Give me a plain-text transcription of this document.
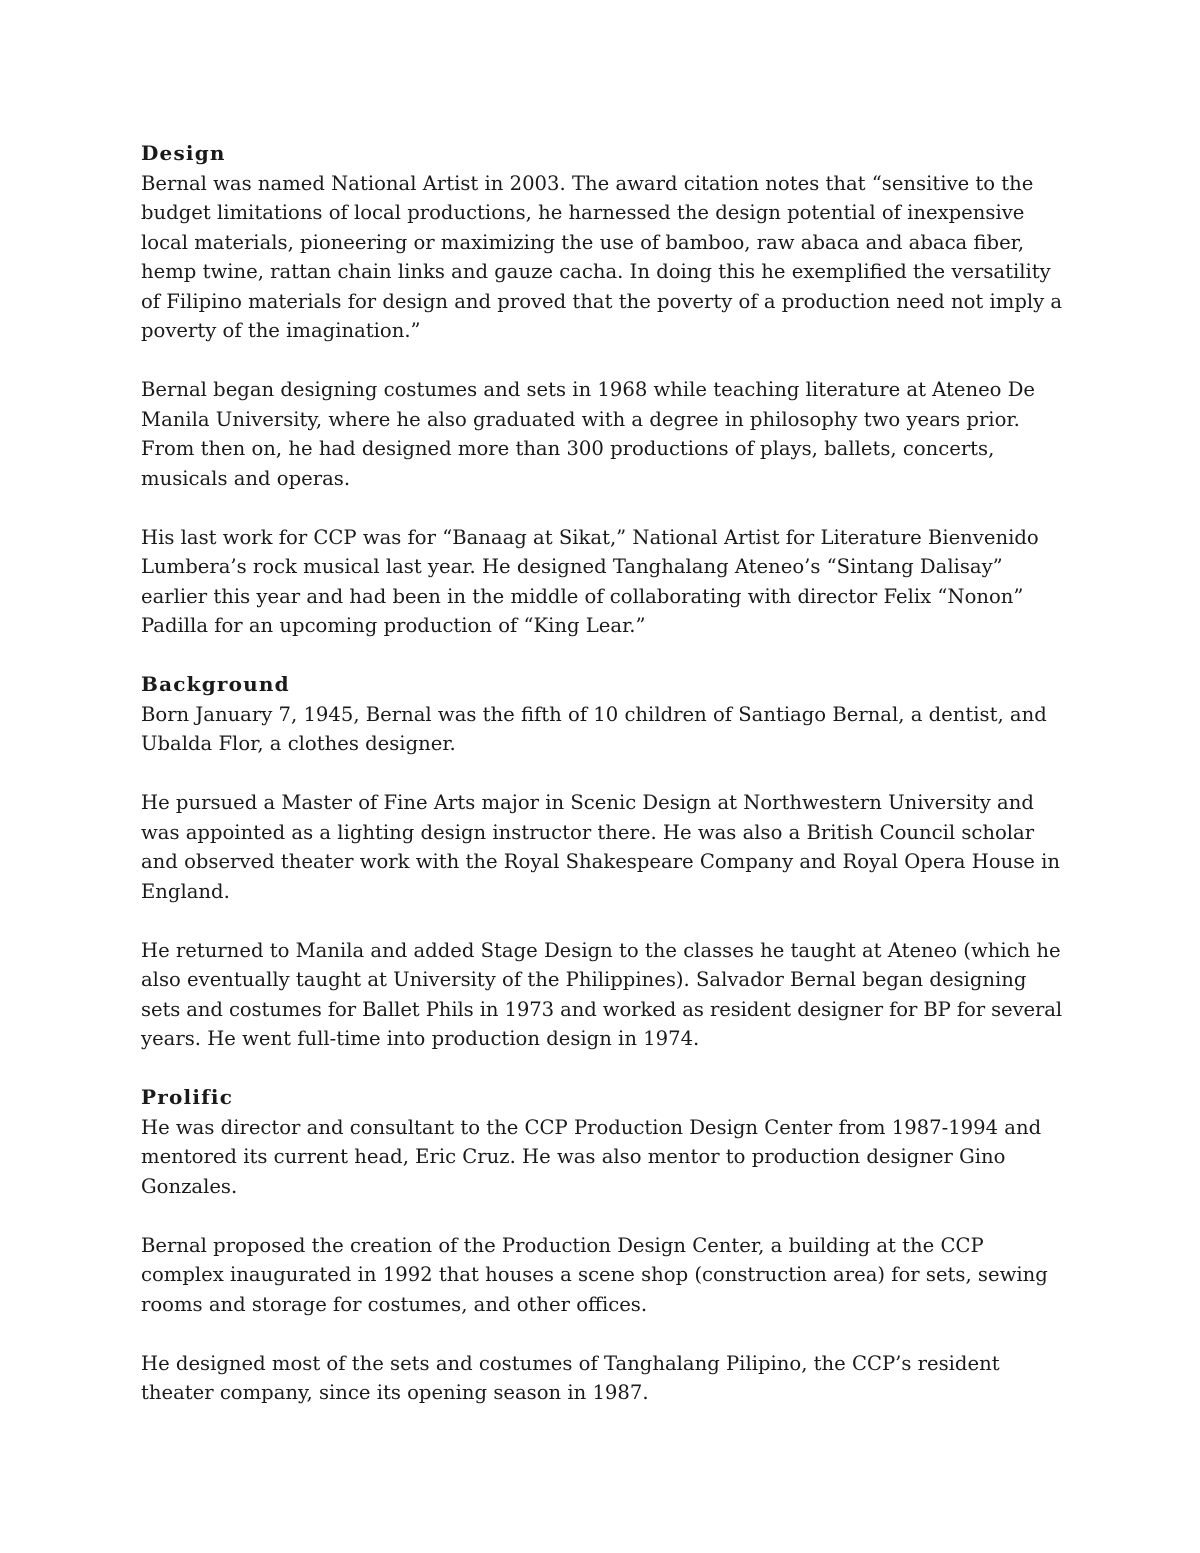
Design

Bernal was named National Artist in 2003. The award citation notes that “sensitive to the
budget limitations of local productions, he harnessed the design potential of inexpensive
local materials, pioneering or maximizing the use of bamboo, raw abaca and abaca fiber,
hemp twine, rattan chain links and gauze cacha. In doing this he exemplified the versatility
of Filipino materials for design and proved that the poverty of a production need not imply a
poverty of the imagination.”

Bernal began designing costumes and sets in 1968 while teaching literature at Ateneo De
Manila University, where he also graduated with a degree in philosophy two years prior.
From then on, he had designed more than 300 productions of plays, ballets, concerts,
musicals and operas.

His last work for CCP was for “Banaag at Sikat,” National Artist for Literature Bienvenido
Lumbera’s rock musical last year. He designed Tanghalang Ateneo’s “Sintang Dalisay”
earlier this year and had been in the middle of collaborating with director Felix “Nonon”
Padilla for an upcoming production of “King Lear.”

Background

Born January 7, 1945, Bernal was the fifth of 10 children of Santiago Bernal, a dentist, and
Ubalda Flor, a clothes designer.

He pursued a Master of Fine Arts major in Scenic Design at Northwestern University and
was appointed as a lighting design instructor there. He was also a British Council scholar
and observed theater work with the Royal Shakespeare Company and Royal Opera House in
England.

He returned to Manila and added Stage Design to the classes he taught at Ateneo (which he
also eventually taught at University of the Philippines). Salvador Bernal began designing
sets and costumes for Ballet Phils in 1973 and worked as resident designer for BP for several
years. He went full-time into production design in 1974.

Prolific

He was director and consultant to the CCP Production Design Center from 1987-1994 and
mentored its current head, Eric Cruz. He was also mentor to production designer Gino
Gonzales.

Bernal proposed the creation of the Production Design Center, a building at the CCP
complex inaugurated in 1992 that houses a scene shop (construction area) for sets, sewing
rooms and storage for costumes, and other offices.

He designed most of the sets and costumes of Tanghalang Pilipino, the CCP’s resident
theater company, since its opening season in 1987.
